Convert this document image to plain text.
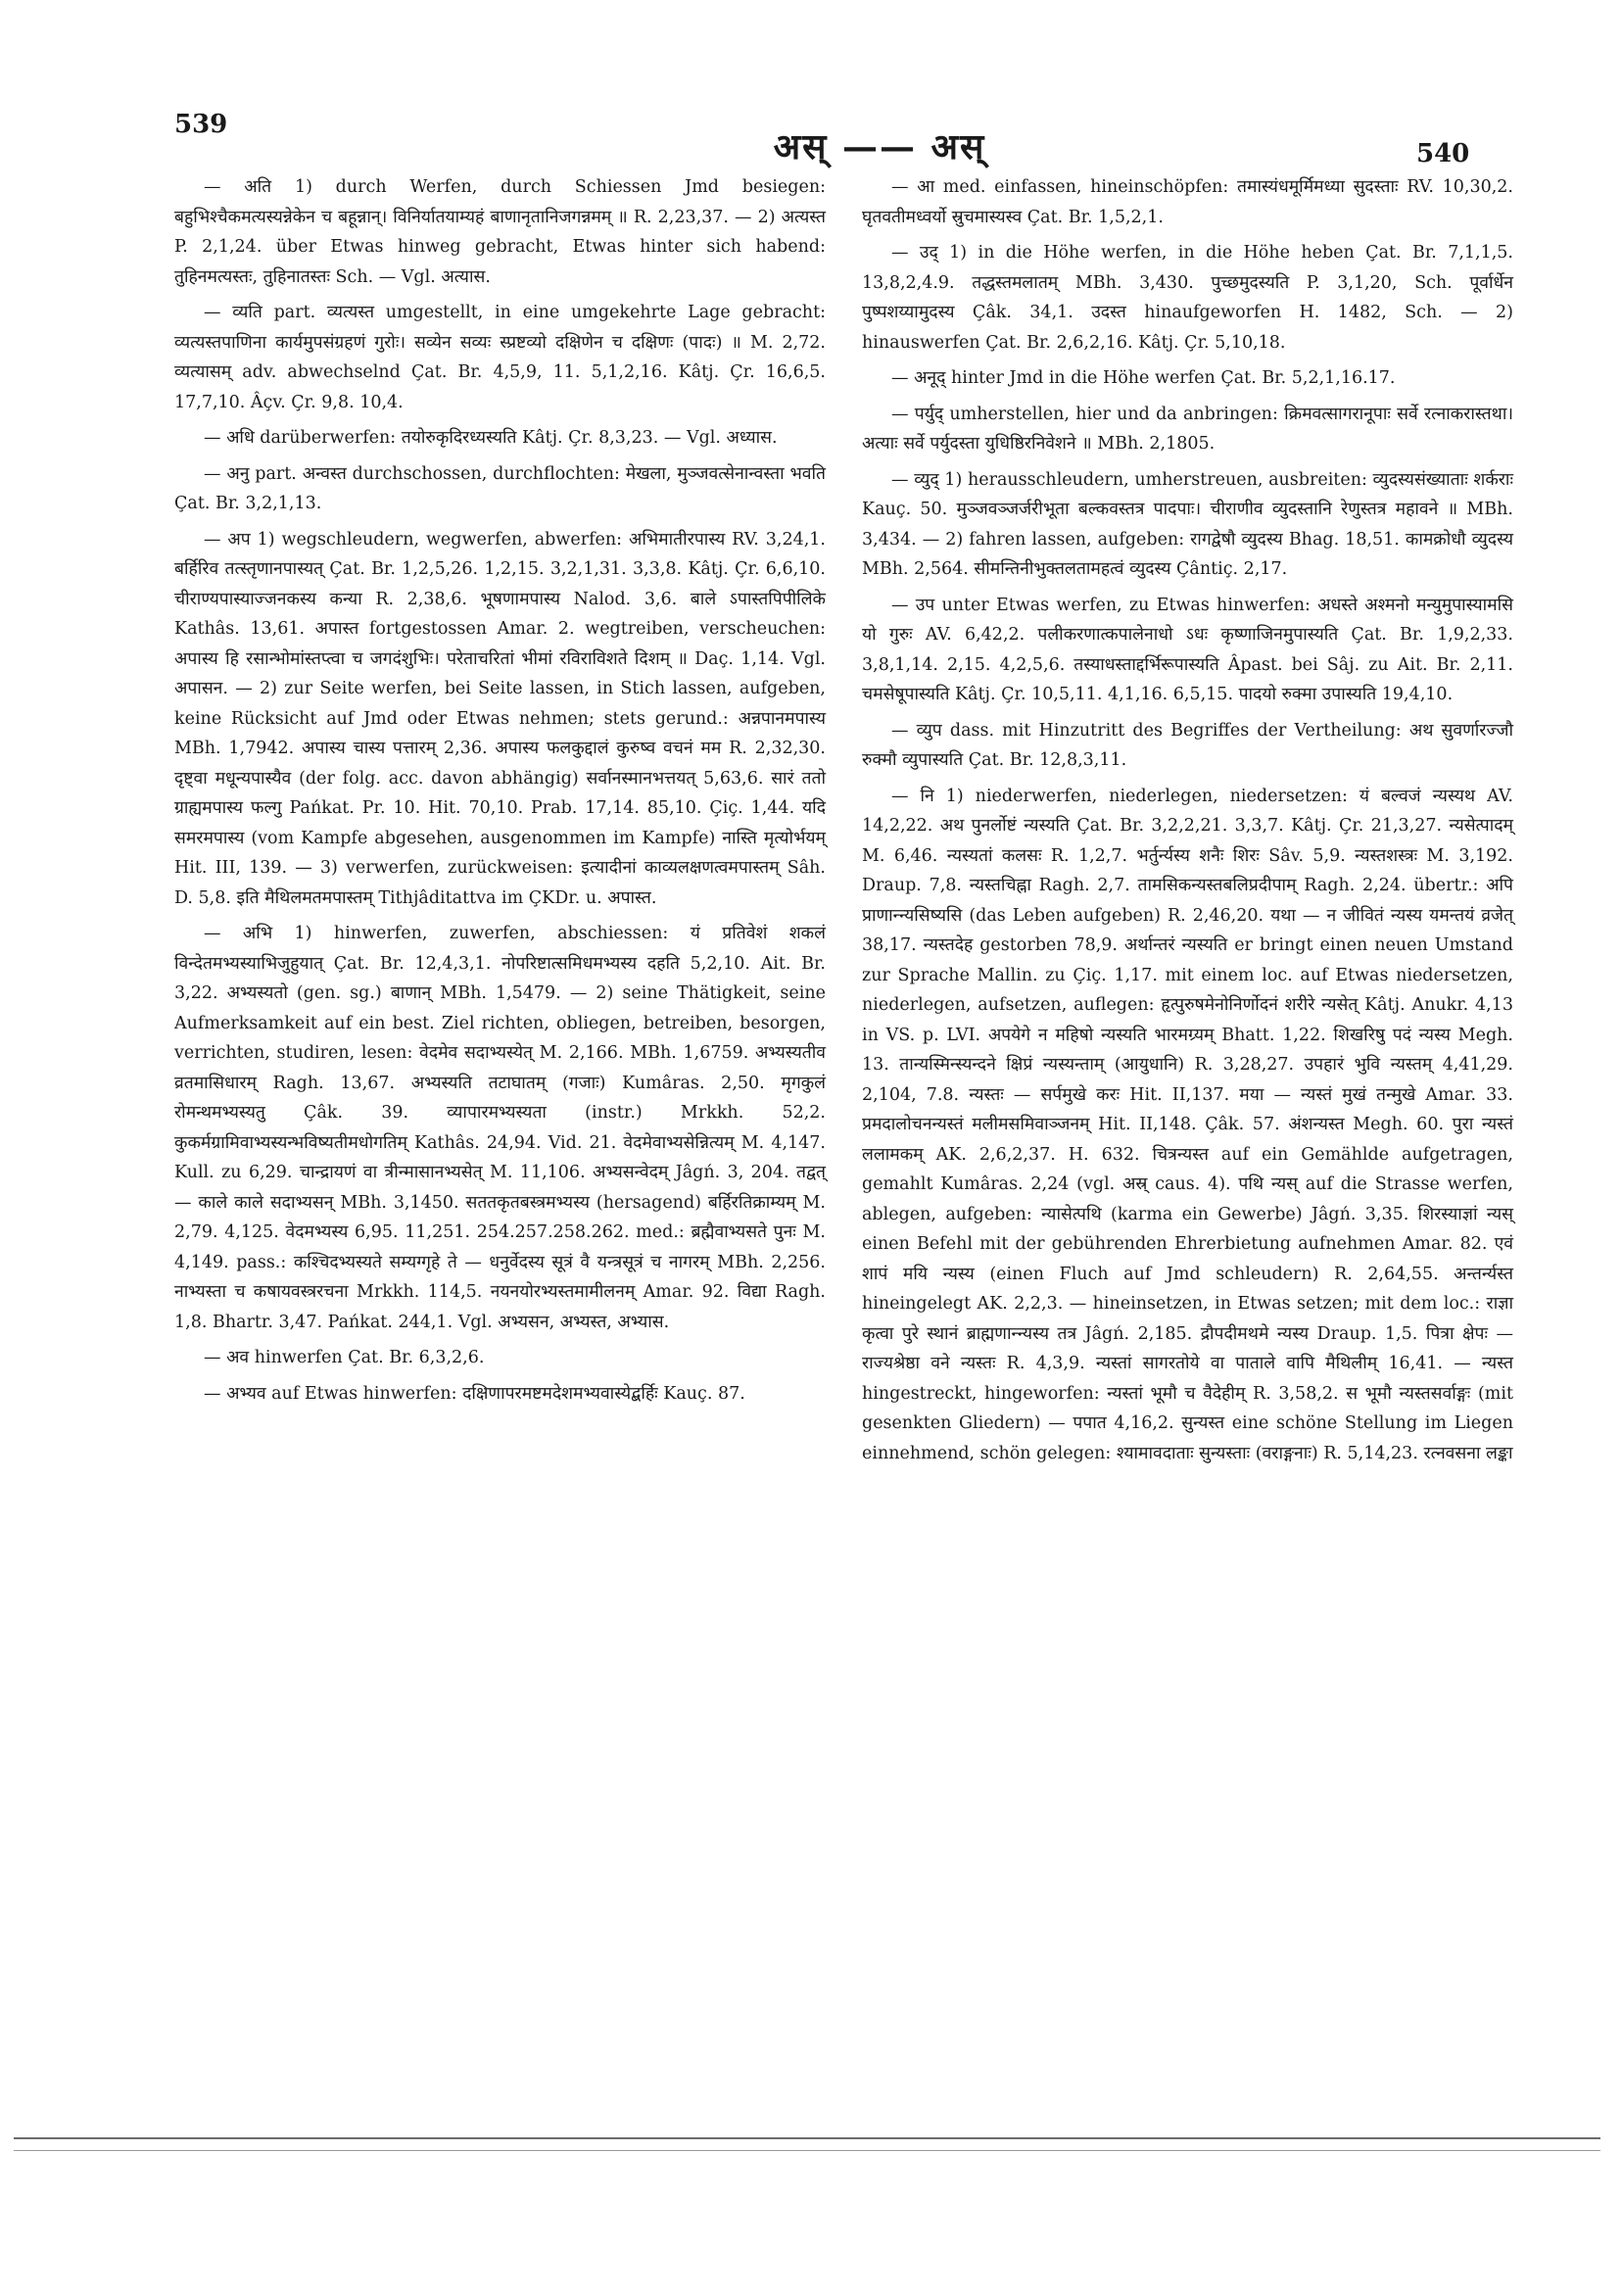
539
अस् —— अस्	540

— अति 1) durch Werfen, durch Schiessen Jmd besiegen: बहुभिश्चैकमत्यस्यन्नेकेन च बहून्नान्। विनिर्यातयाम्यहं बाणानृतानिजगन्नमम् ॥ R. 2,23,37. — 2) अत्यस्त P. 2,1,24. über Etwas hinweg gebracht, Etwas hinter sich habend: तुहिनमत्यस्तः, तुहिनातस्तः Sch. — Vgl. अत्यास.

— व्यति part. व्यत्यस्त umgestellt, in eine umgekehrte Lage gebracht: व्यत्यस्तपाणिना कार्यमुपसंग्रहणं गुरोः। सव्येन सव्यः स्प्रष्टव्यो दक्षिणेन च दक्षिणः (पादः) ॥ M. 2,72. व्यत्यासम् adv. abwechselnd Çat. Br. 4,5,9, 11. 5,1,2,16. Kâtj. Çr. 16,6,5. 17,7,10. Âçv. Çr. 9,8. 10,4.

— अधि darüberwerfen: तयोरुकृदिरध्यस्यति Kâtj. Çr. 8,3,23. — Vgl. अध्यास.

— अनु part. अन्वस्त durchschossen, durchflochten: मेखला, मुञ्जवत्सेनान्वस्ता भवति Çat. Br. 3,2,1,13.

— अप 1) wegschleudern, wegwerfen, abwerfen: अभिमातीरपास्य RV. 3,24,1. बर्हिरिव तत्स्तृणानपास्यत् Çat. Br. 1,2,5,26. 1,2,15. 3,2,1,31. 3,3,8. Kâtj. Çr. 6,6,10. चीराण्यपास्याज्जनकस्य कन्या R. 2,38,6. भूषणामपास्य Nalod. 3,6. बाले ऽपास्तपिपीलिके Kathâs. 13,61. अपास्त fortgestossen Amar. 2. wegtreiben, verscheuchen: अपास्य हि रसान्भोमांस्तप्त्वा च जगदंशुभिः। परेताचरितां भीमां रविराविशते दिशम् ॥ Daç. 1,14. Vgl. अपासन. — 2) zur Seite werfen, bei Seite lassen, in Stich lassen, aufgeben, keine Rücksicht auf Jmd oder Etwas nehmen; stets gerund.: अन्नपानमपास्य MBh. 1,7942. अपास्य चास्य पत्तारम् 2,36. अपास्य फलकुद्दालं कुरुष्व वचनं मम R. 2,32,30. दृष्ट्वा मधून्यपास्यैव (der folg. acc. davon abhängig) सर्वानस्मानभत्तयत् 5,63,6. सारं ततो ग्राह्यमपास्य फल्गु Pańkat. Pr. 10. Hit. 70,10. Prab. 17,14. 85,10. Çiç. 1,44. यदि समरमपास्य (vom Kampfe abgesehen, ausgenommen im Kampfe) नास्ति मृत्योर्भयम् Hit. III, 139. — 3) verwerfen, zurückweisen: इत्यादीनां काव्यलक्षणत्वमपास्तम् Sâh. D. 5,8. इति मैथिलमतमपास्तम् Tithjâditattva im ÇKDr. u. अपास्त.

— अभि 1) hinwerfen, zuwerfen, abschiessen: यं प्रतिवेशं शकलं विन्देतमभ्यस्याभिजुहुयात् Çat. Br. 12,4,3,1. नोपरिष्टात्समिधमभ्यस्य दहति 5,2,10. Ait. Br. 3,22. अभ्यस्यतो (gen. sg.) बाणान् MBh. 1,5479. — 2) seine Thätigkeit, seine Aufmerksamkeit auf ein best. Ziel richten, obliegen, betreiben, besorgen, verrichten, studiren, lesen: वेदमेव सदाभ्यस्येत् M. 2,166. MBh. 1,6759. अभ्यस्यतीव व्रतमासिधारम् Ragh. 13,67. अभ्यस्यति तटाघातम् (गजाः) Kumâras. 2,50. मृगकुलं रोमन्थमभ्यस्यतु Çâk. 39. व्यापारमभ्यस्यता (instr.) Mrkkh. 52,2. कुकर्मग्रामिवाभ्यस्यन्भविष्यतीमधोगतिम् Kathâs. 24,94. Vid. 21. वेदमेवाभ्यसेन्नित्यम् M. 4,147. Kull. zu 6,29. चान्द्रायणं वा त्रीन्मासानभ्यसेत् M. 11,106. अभ्यसन्वेदम् Jâgń. 3, 204. तद्वत् — काले काले सदाभ्यसन् MBh. 3,1450. सततकृतबस्त्रमभ्यस्य (hersagend) बर्हिरतिक्राम्यम् M. 2,79. 4,125. वेदमभ्यस्य 6,95. 11,251. 254.257.258.262. med.: ब्रह्मैवाभ्यसते पुनः M. 4,149. pass.: कश्चिदभ्यस्यते सम्यग्गृहे ते — धनुर्वेदस्य सूत्रं वै यन्त्रसूत्रं च नागरम् MBh. 2,256. नाभ्यस्ता च कषायवस्त्ररचना Mrkkh. 114,5. नयनयोरभ्यस्तमामीलनम् Amar. 92. विद्या Ragh. 1,8. Bhartr. 3,47. Pańkat. 244,1. Vgl. अभ्यसन, अभ्यस्त, अभ्यास.

— अव hinwerfen Çat. Br. 6,3,2,6.

— अभ्यव auf Etwas hinwerfen: दक्षिणापरमष्टमदेशमभ्यवास्येद्बर्हिः Kauç. 87.

— आ med. einfassen, hineinschöpfen: तमास्यंधमूर्मिमध्या सुदस्ताः RV. 10,30,2. घृतवतीमध्वर्यो स्रुचमास्यस्व Çat. Br. 1,5,2,1.

— उद् 1) in die Höhe werfen, in die Höhe heben Çat. Br. 7,1,1,5. 13,8,2,4.9. तद्धस्तमलातम् MBh. 3,430. पुच्छमुदस्यति P. 3,1,20, Sch. पूर्वार्धेन पुष्पशय्यामुदस्य Çâk. 34,1. उदस्त hinaufgeworfen H. 1482, Sch. — 2) hinauswerfen Çat. Br. 2,6,2,16. Kâtj. Çr. 5,10,18.

— अनूद् hinter Jmd in die Höhe werfen Çat. Br. 5,2,1,16.17.

— पर्युद् umherstellen, hier und da anbringen: क्रिमवत्सागरानूपाः सर्वे रत्नाकरास्तथा। अत्याः सर्वे पर्युदस्ता युधिष्ठिरनिवेशने ॥ MBh. 2,1805.

— व्युद् 1) herausschleudern, umherstreuen, ausbreiten: व्युदस्यसंख्याताः शर्कराः Kauç. 50. मुञ्जवञ्जर्जरीभूता बल्कवस्तत्र पादपाः। चीराणीव व्युदस्तानि रेणुस्तत्र महावने ॥ MBh. 3,434. — 2) fahren lassen, aufgeben: रागद्वेषौ व्युदस्य Bhag. 18,51. कामक्रोधौ व्युदस्य MBh. 2,564. सीमन्तिनीभुक्तलतामहत्वं व्युदस्य Çântiç. 2,17.

— उप unter Etwas werfen, zu Etwas hinwerfen: अधस्ते अश्मनो मन्युमुपास्यामसि यो गुरुः AV. 6,42,2. पलीकरणात्कपालेनाधो ऽधः कृष्णाजिनमुपास्यति Çat. Br. 1,9,2,33. 3,8,1,14. 2,15. 4,2,5,6. तस्याधस्ताद्दर्भिरूपास्यति Âpast. bei Sâj. zu Ait. Br. 2,11. चमसेषूपास्यति Kâtj. Çr. 10,5,11. 4,1,16. 6,5,15. पादयो रुक्मा उपास्यति 19,4,10.

— व्युप dass. mit Hinzutritt des Begriffes der Vertheilung: अथ सुवर्णारज्जौ रुक्मौ व्युपास्यति Çat. Br. 12,8,3,11.

— नि 1) niederwerfen, niederlegen, niedersetzen: यं बल्वजं न्यस्यथ AV. 14,2,22. अथ पुनर्लोष्टं न्यस्यति Çat. Br. 3,2,2,21. 3,3,7. Kâtj. Çr. 21,3,27. न्यसेत्पादम् M. 6,46. न्यस्यतां कलसः R. 1,2,7. भर्तुर्न्यस्य शनैः शिरः Sâv. 5,9. न्यस्तशस्त्रः M. 3,192. Draup. 7,8. न्यस्तचिह्ना Ragh. 2,7. तामसिकन्यस्तबलिप्रदीपाम् Ragh. 2,24. übertr.: अपि प्राणान्न्यसिष्यसि (das Leben aufgeben) R. 2,46,20. यथा — न जीवितं न्यस्य यमन्तयं व्रजेत् 38,17. न्यस्तदेह gestorben 78,9. अर्थान्तरं न्यस्यति er bringt einen neuen Umstand zur Sprache Mallin. zu Çiç. 1,17. mit einem loc. auf Etwas niedersetzen, niederlegen, aufsetzen, auflegen: हृत्पुरुषमेनोनिर्णोदनं शरीरे न्यसेत् Kâtj. Anukr. 4,13 in VS. p. LVI. अपयेगे न महिषो न्यस्यति भारमग्र्यम् Bhatt. 1,22. शिखरिषु पदं न्यस्य Megh. 13. तान्यस्मिन्स्यन्दने क्षिप्रं न्यस्यन्ताम् (आयुधानि) R. 3,28,27. उपहारं भुवि न्यस्तम् 4,41,29. 2,104, 7.8. न्यस्तः — सर्पमुखे करः Hit. II,137. मया — न्यस्तं मुखं तन्मुखे Amar. 33. प्रमदालोचनन्यस्तं मलीमसमिवाञ्जनम् Hit. II,148. Çâk. 57. अंशन्यस्त Megh. 60. पुरा न्यस्तं ललामकम् AK. 2,6,2,37. H. 632. चित्रन्यस्त auf ein Gemählde aufgetragen, gemahlt Kumâras. 2,24 (vgl. अस्र् caus. 4). पथि न्यस् auf die Strasse werfen, ablegen, aufgeben: न्यासेत्पथि (karma ein Gewerbe) Jâgń. 3,35. शिरस्याज्ञां न्यस् einen Befehl mit der gebührenden Ehrerbietung aufnehmen Amar. 82. एवं शापं मयि न्यस्य (einen Fluch auf Jmd schleudern) R. 2,64,55. अन्तर्न्यस्त hineingelegt AK. 2,2,3. — hineinsetzen, in Etwas setzen; mit dem loc.: राज्ञा कृत्वा पुरे स्थानं ब्राह्मणान्न्यस्य तत्र Jâgń. 2,185. द्रौपदीमथमे न्यस्य Draup. 1,5. पित्रा क्षेपः — राज्यश्रेष्ठा वने न्यस्तः R. 4,3,9. न्यस्तां सागरतोये वा पाताले वापि मैथिलीम् 16,41. — न्यस्त hingestreckt, hingeworfen: न्यस्तां भूमौ च वैदेहीम् R. 3,58,2. स भूमौ न्यस्तसर्वाङ्गः (mit gesenkten Gliedern) — पपात 4,16,2. सुन्यस्त eine schöne Stellung im Liegen einnehmend, schön gelegen: श्यामावदाताः सुन्यस्ताः (वराङ्गनाः) R. 5,14,23. रत्नवसना लङ्का
